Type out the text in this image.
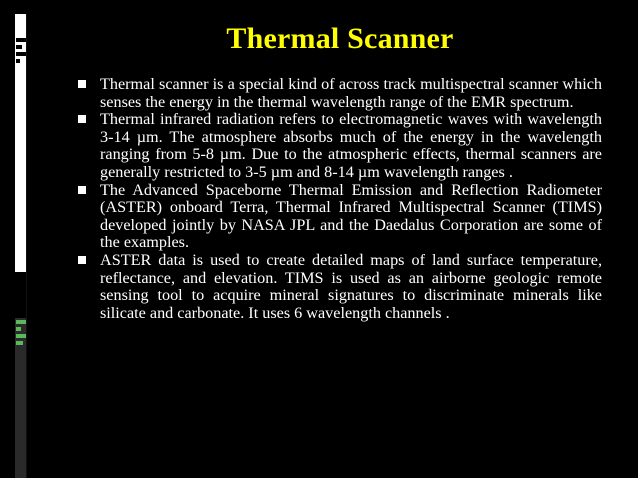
Thermal Scanner
Thermal scanner is a special kind of across track multispectral scanner which senses the energy in the thermal wavelength range of the EMR spectrum.
Thermal infrared radiation refers to electromagnetic waves with wavelength 3-14 µm. The atmosphere absorbs much of the energy in the wavelength ranging from 5-8 µm. Due to the atmospheric effects, thermal scanners are generally restricted to 3-5 µm and 8-14 µm wavelength ranges .
The Advanced Spaceborne Thermal Emission and Reflection Radiometer (ASTER) onboard Terra, Thermal Infrared Multispectral Scanner (TIMS) developed jointly by NASA JPL and the Daedalus Corporation are some of the examples.
ASTER data is used to create detailed maps of land surface temperature, reflectance, and elevation. TIMS is used as an airborne geologic remote sensing tool to acquire mineral signatures to discriminate minerals like silicate and carbonate. It uses 6 wavelength channels .
